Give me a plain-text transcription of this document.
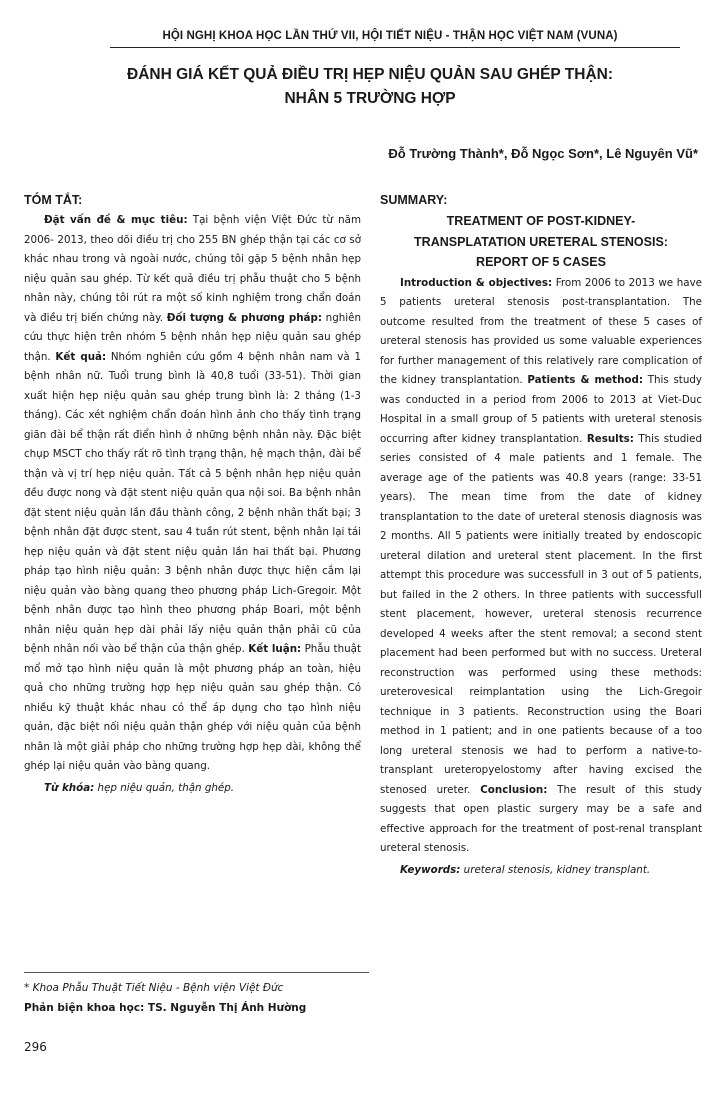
HỘI NGHỊ KHOA HỌC LẦN THỨ VII, HỘI TIẾT NIỆU - THẬN HỌC VIỆT NAM (VUNA)
ĐÁNH GIÁ KẾT QUẢ ĐIỀU TRỊ HẸP NIỆU QUẢN SAU GHÉP THẬN:
NHÂN 5 TRƯỜNG HỢP
Đỗ Trường Thành*, Đỗ Ngọc Sơn*, Lê Nguyên Vũ*
TÓM TẮT:

Đặt vấn đề & mục tiêu: Tại bệnh viện Việt Đức từ năm 2006- 2013, theo dõi điều trị cho 255 BN ghép thận tại các cơ sở khác nhau trong và ngoài nước, chúng tôi gặp 5 bệnh nhân hẹp niệu quản sau ghép. Từ kết quả điều trị phẫu thuật cho 5 bệnh nhân này, chúng tôi rút ra một số kinh nghiệm trong chẩn đoán và điều trị biến chứng này. Đối tượng & phương pháp: nghiên cứu thực hiện trên nhóm 5 bệnh nhân hẹp niệu quản sau ghép thận. Kết quả: Nhóm nghiên cứu gồm 4 bệnh nhân nam và 1 bệnh nhân nữ. Tuổi trung bình là 40,8 tuổi (33-51). Thời gian xuất hiện hẹp niệu quản sau ghép trung bình là: 2 tháng (1-3 tháng). Các xét nghiệm chẩn đoán hình ảnh cho thấy tình trạng giãn đài bể thận rất điển hình ở những bệnh nhân này. Đặc biệt chụp MSCT cho thấy rất rõ tình trạng thận, hệ mạch thận, đài bể thận và vị trí hẹp niệu quản. Tất cả 5 bệnh nhân hẹp niệu quản đều được nong và đặt stent niệu quản qua nội soi. Ba bệnh nhân đặt stent niệu quản lần đầu thành công, 2 bệnh nhân thất bại; 3 bệnh nhân đặt được stent, sau 4 tuần rút stent, bệnh nhân lại tái hẹp niệu quản và đặt stent niệu quản lần hai thất bại. Phương pháp tạo hình niệu quản: 3 bệnh nhân được thực hiện cắm lại niệu quản vào bàng quang theo phương pháp Lich-Gregoir. Một bệnh nhân được tạo hình theo phương pháp Boari, một bệnh nhân niệu quản hẹp dài phải lấy niệu quản thận phải cũ của bệnh nhân nối vào bể thận của thận ghép. Kết luận: Phẫu thuật mổ mở tạo hình niệu quản là một phương pháp an toàn, hiệu quả cho những trường hợp hẹp niệu quản sau ghép thận. Có nhiều kỹ thuật khác nhau có thể áp dụng cho tạo hình niệu quản, đặc biệt nối niệu quản thận ghép với niệu quản của bệnh nhân là một giải pháp cho những trường hợp hẹp dài, không thể ghép lại niệu quản vào bàng quang.

Từ khóa: hẹp niệu quản, thận ghép.

SUMMARY:
TREATMENT OF POST-KIDNEY-
TRANSPLATATION URETERAL STENOSIS:
REPORT OF 5 CASES

Introduction & objectives: From 2006 to 2013 we have 5 patients ureteral stenosis post-transplantation. The outcome resulted from the treatment of these 5 cases of ureteral stenosis has provided us some valuable experiences for further management of this relatively rare complication of the kidney transplantation. Patients & method: This study was conducted in a period from 2006 to 2013 at Viet-Duc Hospital in a small group of 5 patients with ureteral stenosis occurring after kidney transplantation. Results: This studied series consisted of 4 male patients and 1 female. The average age of the patients was 40.8 years (range: 33-51 years). The mean time from the date of kidney transplantation to the date of ureteral stenosis diagnosis was 2 months. All 5 patients were initially treated by endoscopic ureteral dilation and ureteral stent placement. In the first attempt this procedure was successfull in 3 out of 5 patients, but failed in the 2 others. In three patients with successfull stent placement, however, ureteral stenosis recurrence developed 4 weeks after the stent removal; a second stent placement had been performed but with no success. Ureteral reconstruction was performed using these methods: ureterovesical reimplantation using the Lich-Gregoir technique in 3 patients. Reconstruction using the Boari method in 1 patient; and in one patients because of a too long ureteral stenosis we had to perform a native-to-transplant ureteropyelostomy after having excised the stenosed ureter. Conclusion: The result of this study suggests that open plastic surgery may be a safe and effective approach for the treatment of post-renal transplant ureteral stenosis.

Keywords: ureteral stenosis, kidney transplant.

* Khoa Phẫu Thuật Tiết Niệu - Bệnh viện Việt Đức
Phản biện khoa học: TS. Nguyễn Thị Ánh Hường
296
